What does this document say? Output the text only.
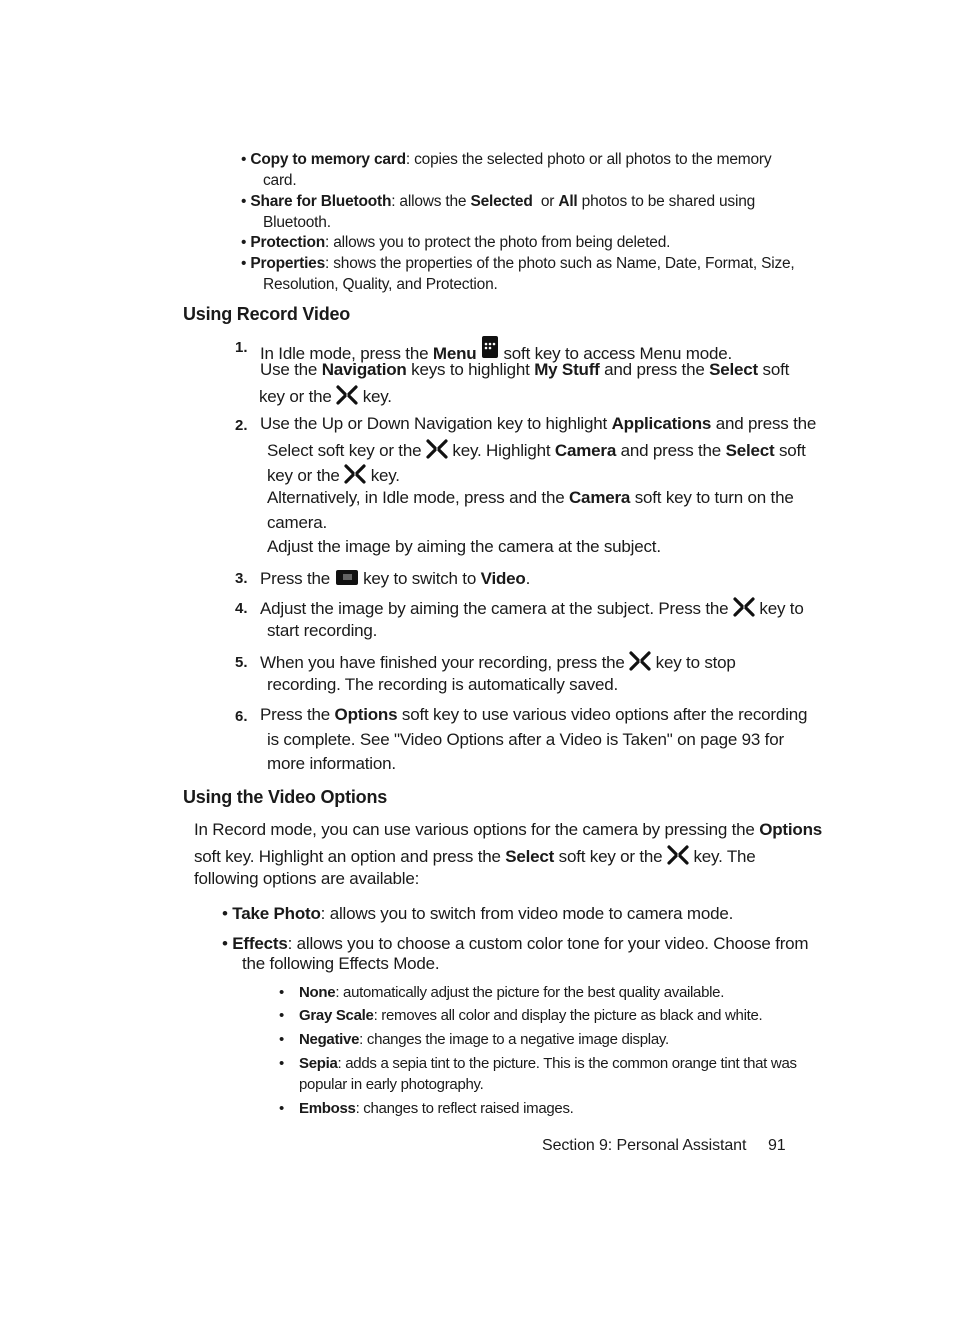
• Copy to memory card: copies the selected photo or all photos to the memory
card.
• Share for Bluetooth: allows the Selected  or All photos to be shared using
Bluetooth.
• Protection: allows you to protect the photo from being deleted.
• Properties: shows the properties of the photo such as Name, Date, Format, Size,
Resolution, Quality, and Protection.
Using Record Video
1. In Idle mode, press the Menu  soft key to access Menu mode.
Use the Navigation keys to highlight My Stuff and press the Select soft
key or the  key.
2. Use the Up or Down Navigation key to highlight Applications and press the
Select soft key or the  key. Highlight Camera and press the Select soft
key or the  key.
Alternatively, in Idle mode, press and the Camera soft key to turn on the
camera.
Adjust the image by aiming the camera at the subject.
3. Press the  key to switch to Video.
4. Adjust the image by aiming the camera at the subject. Press the  key to
start recording.
5. When you have finished your recording, press the  key to stop
recording. The recording is automatically saved.
6. Press the Options soft key to use various video options after the recording
is complete. See "Video Options after a Video is Taken" on page 93 for
more information.
Using the Video Options
In Record mode, you can use various options for the camera by pressing the Options
soft key. Highlight an option and press the Select soft key or the  key. The
following options are available:
• Take Photo: allows you to switch from video mode to camera mode.
• Effects: allows you to choose a custom color tone for your video. Choose from
the following Effects Mode.
• None: automatically adjust the picture for the best quality available.
• Gray Scale: removes all color and display the picture as black and white.
• Negative: changes the image to a negative image display.
• Sepia: adds a sepia tint to the picture. This is the common orange tint that was
popular in early photography.
• Emboss: changes to reflect raised images.
Section 9: Personal Assistant 91
